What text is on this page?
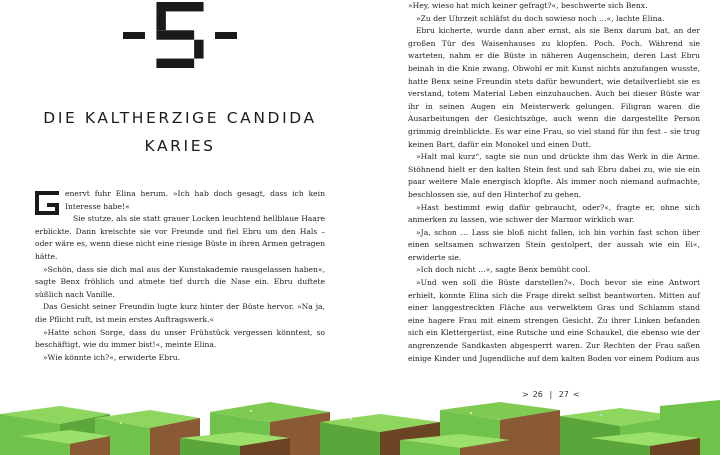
DIE KALTHERZIGE CANDIDA
KARIES

enervt fuhr Elina herum. »Ich hab doch gesagt, dass ich kein Interesse habe!«

Sie stutze, als sie statt grauer Locken leuchtend hellblaue Haare erblickte. Dann kreischte sie vor Freunde und fiel Ebru um den Hals – oder wäre es, wenn diese nicht eine riesige Büste in ihren Armen getragen hätte.

»Schön, dass sie dich mal aus der Kunstakademie rausgelassen haben«, sagte Benx fröhlich und atmete tief durch die Nase ein. Ebru duftete süßlich nach Vanille.

Das Gesicht seiner Freundin lugte kurz hinter der Büste hervor. »Na ja, die Pflicht ruft, ist mein erstes Auftragswerk.«

»Hatte schon Sorge, dass du unser Frühstück vergessen könntest, so beschäftigt, wie du immer bist!«, meinte Elina.

»Wie könnte ich?«, erwiderte Ebru.

»Hey, wieso hat mich keiner gefragt?«, beschwerte sich Benx.

»Zu der Uhrzeit schläfst du doch sowieso noch …«, lachte Elina.

Ebru kicherte, wurde dann aber ernst, als sie Benx darum bat, an der großen Tür des Waisenhauses zu klopfen. Poch. Poch. Während sie warteten, nahm er die Büste in näheren Augenschein, deren Last Ebru beinah in die Knie zwang. Obwohl er mit Kunst nichts anzufangen wusste, hatte Benx seine Freundin stets dafür bewundert, wie detailverliebt sie es verstand, totem Material Leben einzuhauchen. Auch bei dieser Büste war ihr in seinen Augen ein Meisterwerk gelungen. Filigran waren die Ausarbeitungen der Gesichtszüge, auch wenn die dargestellte Person grimmig dreinblickte. Es war eine Frau, so viel stand für ihn fest – sie trug keinen Bart, dafür ein Monokel und einen Dutt.

»Halt mal kurz“, sagte sie nun und drückte ihm das Werk in die Arme. Stöhnend hielt er den kalten Stein fest und sah Ebru dabei zu, wie sie ein paar weitere Male energisch klopfte. Als immer noch niemand aufmachte, beschlossen sie, auf den Hinterhof zu gehen.

»Hast bestimmt ewig dafür gebraucht, oder?«, fragte er, ohne sich anmerken zu lassen, wie schwer der Marmor wirklich war.

»Ja, schon … Lass sie bloß nicht fallen, ich bin vorhin fast schon über einen seltsamen schwarzen Stein gestolpert, der aussah wie ein Ei«, erwiderte sie.

»Ich doch nicht …«, sagte Benx bemüht cool.

»Und wen soll die Büste darstellen?«. Doch bevor sie eine Antwort erhielt, konnte Elina sich die Frage direkt selbst beantworten. Mitten auf einer langgestreckten Fläche aus verwelktem Gras und Schlamm stand eine hagere Frau mit einem strengen Gesicht. Zu ihrer Linken befanden sich ein Klettergerüst, eine Rutsche und eine Schaukel, die ebenso wie der angrenzende Sandkasten abgesperrt waren. Zur Rechten der Frau saßen einige Kinder und Jugendliche auf dem kalten Boden vor einem Podium aus

> 26 | 27 <
